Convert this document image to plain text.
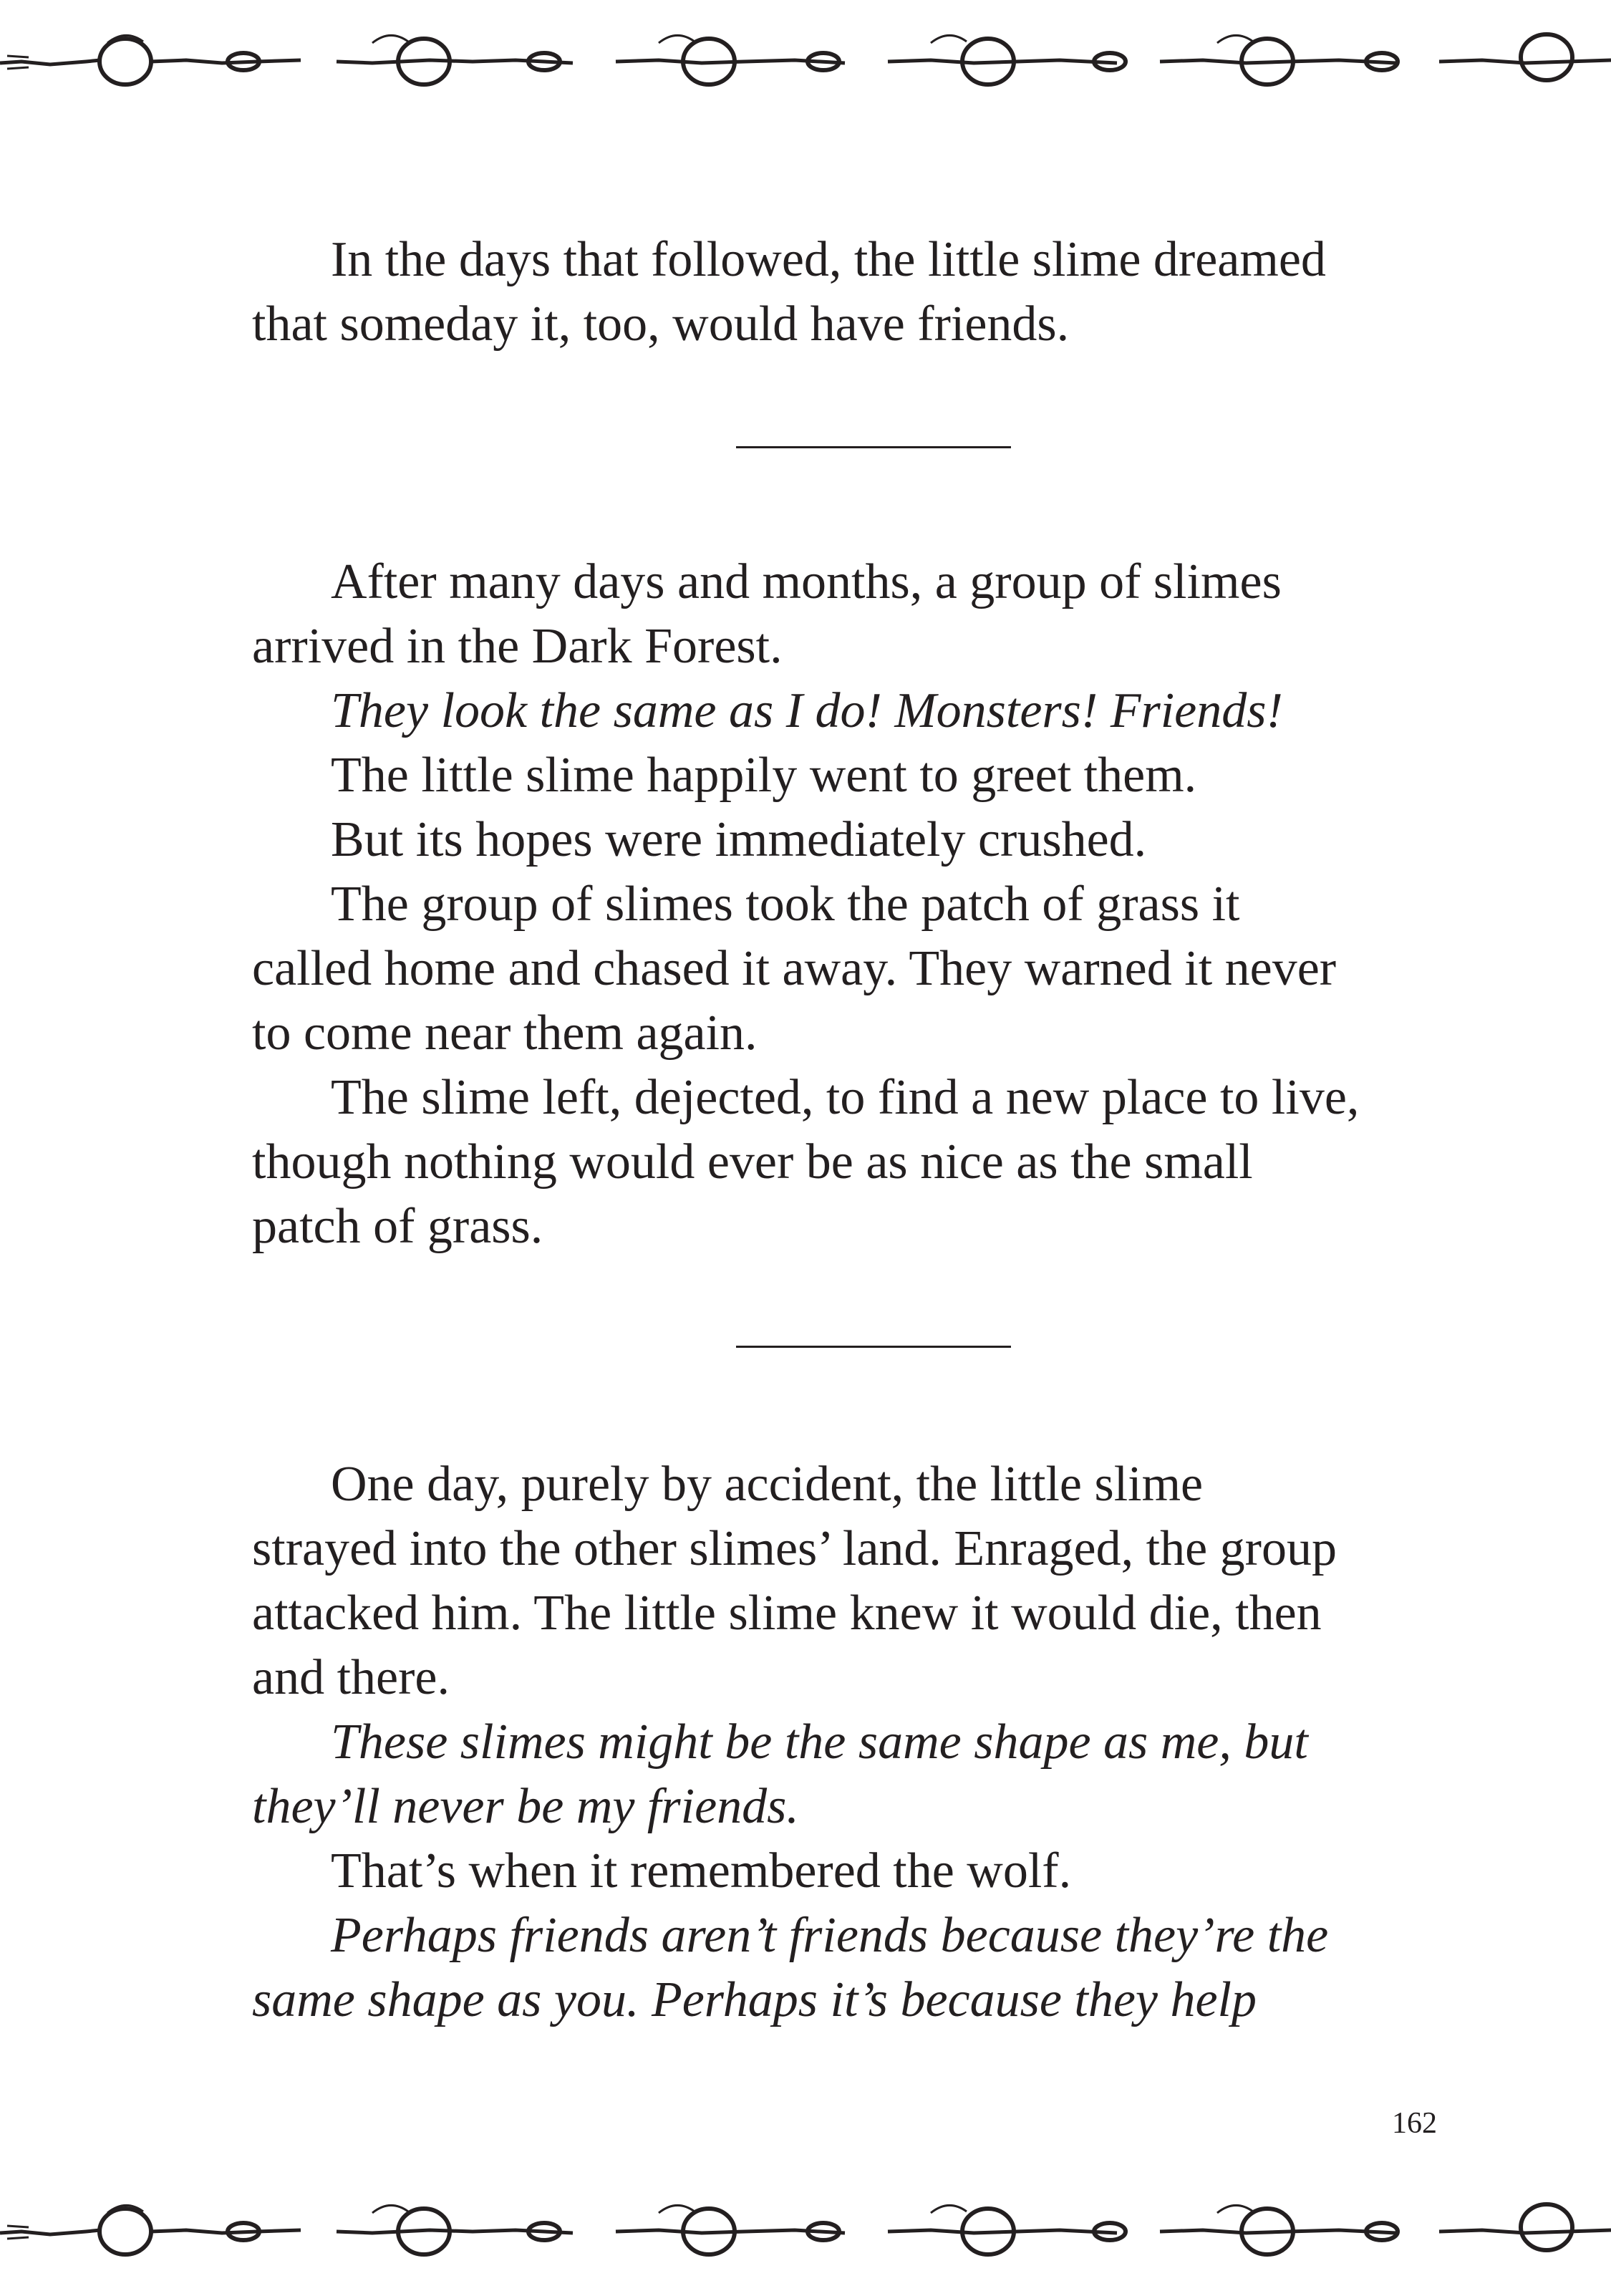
In the days that followed, the little slime dreamed

that someday it, too, would have friends.

After many days and months, a group of slimes

arrived in the Dark Forest.

They look the same as I do! Monsters! Friends!

The little slime happily went to greet them.

But its hopes were immediately crushed.

The group of slimes took the patch of grass it

called home and chased it away. They warned it never

to come near them again.

The slime left, dejected, to find a new place to live,

though nothing would ever be as nice as the small

patch of grass.

One day, purely by accident, the little slime

strayed into the other slimes’ land. Enraged, the group

attacked him. The little slime knew it would die, then

and there.

These slimes might be the same shape as me, but

they’ll never be my friends.

That’s when it remembered the wolf.

Perhaps friends aren’t friends because they’re the

same shape as you. Perhaps it’s because they help

162
